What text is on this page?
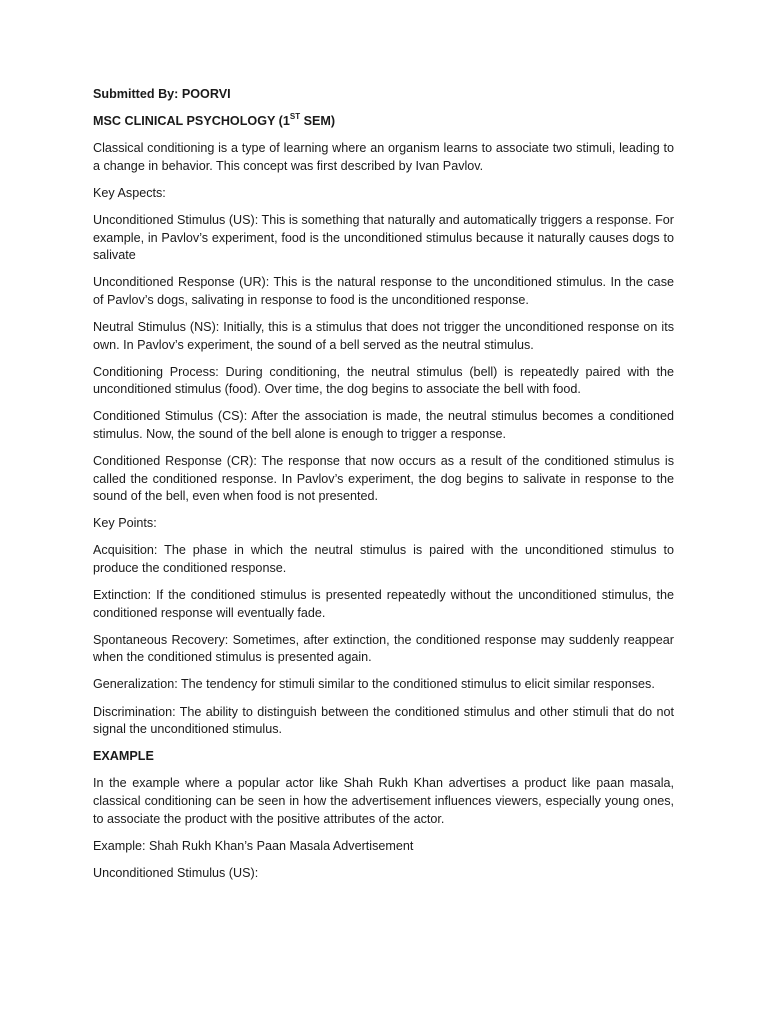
Submitted By: POORVI

MSC CLINICAL PSYCHOLOGY (1ST SEM)

Classical conditioning is a type of learning where an organism learns to associate two stimuli, leading to a change in behavior. This concept was first described by Ivan Pavlov.

Key Aspects:

Unconditioned Stimulus (US): This is something that naturally and automatically triggers a response. For example, in Pavlov’s experiment, food is the unconditioned stimulus because it naturally causes dogs to salivate

Unconditioned Response (UR): This is the natural response to the unconditioned stimulus. In the case of Pavlov’s dogs, salivating in response to food is the unconditioned response.

Neutral Stimulus (NS): Initially, this is a stimulus that does not trigger the unconditioned response on its own. In Pavlov’s experiment, the sound of a bell served as the neutral stimulus.

Conditioning Process: During conditioning, the neutral stimulus (bell) is repeatedly paired with the unconditioned stimulus (food). Over time, the dog begins to associate the bell with food.

Conditioned Stimulus (CS): After the association is made, the neutral stimulus becomes a conditioned stimulus. Now, the sound of the bell alone is enough to trigger a response.

Conditioned Response (CR): The response that now occurs as a result of the conditioned stimulus is called the conditioned response. In Pavlov’s experiment, the dog begins to salivate in response to the sound of the bell, even when food is not presented.

Key Points:

Acquisition: The phase in which the neutral stimulus is paired with the unconditioned stimulus to produce the conditioned response.

Extinction: If the conditioned stimulus is presented repeatedly without the unconditioned stimulus, the conditioned response will eventually fade.

Spontaneous Recovery: Sometimes, after extinction, the conditioned response may suddenly reappear when the conditioned stimulus is presented again.

Generalization: The tendency for stimuli similar to the conditioned stimulus to elicit similar responses.

Discrimination: The ability to distinguish between the conditioned stimulus and other stimuli that do not signal the unconditioned stimulus.

EXAMPLE

In the example where a popular actor like Shah Rukh Khan advertises a product like paan masala, classical conditioning can be seen in how the advertisement influences viewers, especially young ones, to associate the product with the positive attributes of the actor.

Example: Shah Rukh Khan’s Paan Masala Advertisement

Unconditioned Stimulus (US):
